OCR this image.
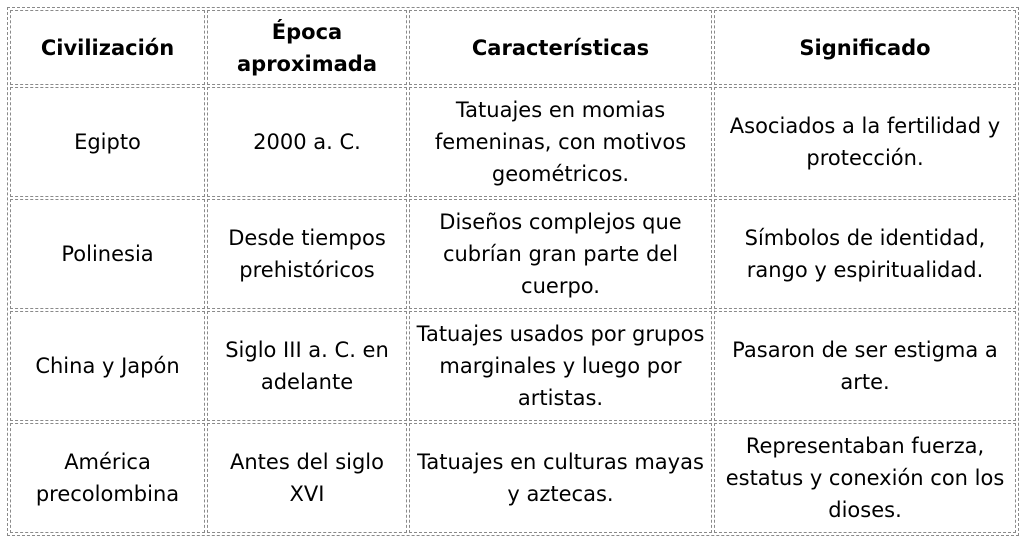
Civilización	Época aproximada	Características	Significado
Egipto	2000 a. C.	Tatuajes en momias femeninas, con motivos geométricos.	Asociados a la fertilidad y protección.
Polinesia	Desde tiempos prehistóricos	Diseños complejos que cubrían gran parte del cuerpo.	Símbolos de identidad, rango y espiritualidad.
China y Japón	Siglo III a. C. en adelante	Tatuajes usados por grupos marginales y luego por artistas.	Pasaron de ser estigma a arte.
América precolombina	Antes del siglo XVI	Tatuajes en culturas mayas y aztecas.	Representaban fuerza, estatus y conexión con los dioses.
